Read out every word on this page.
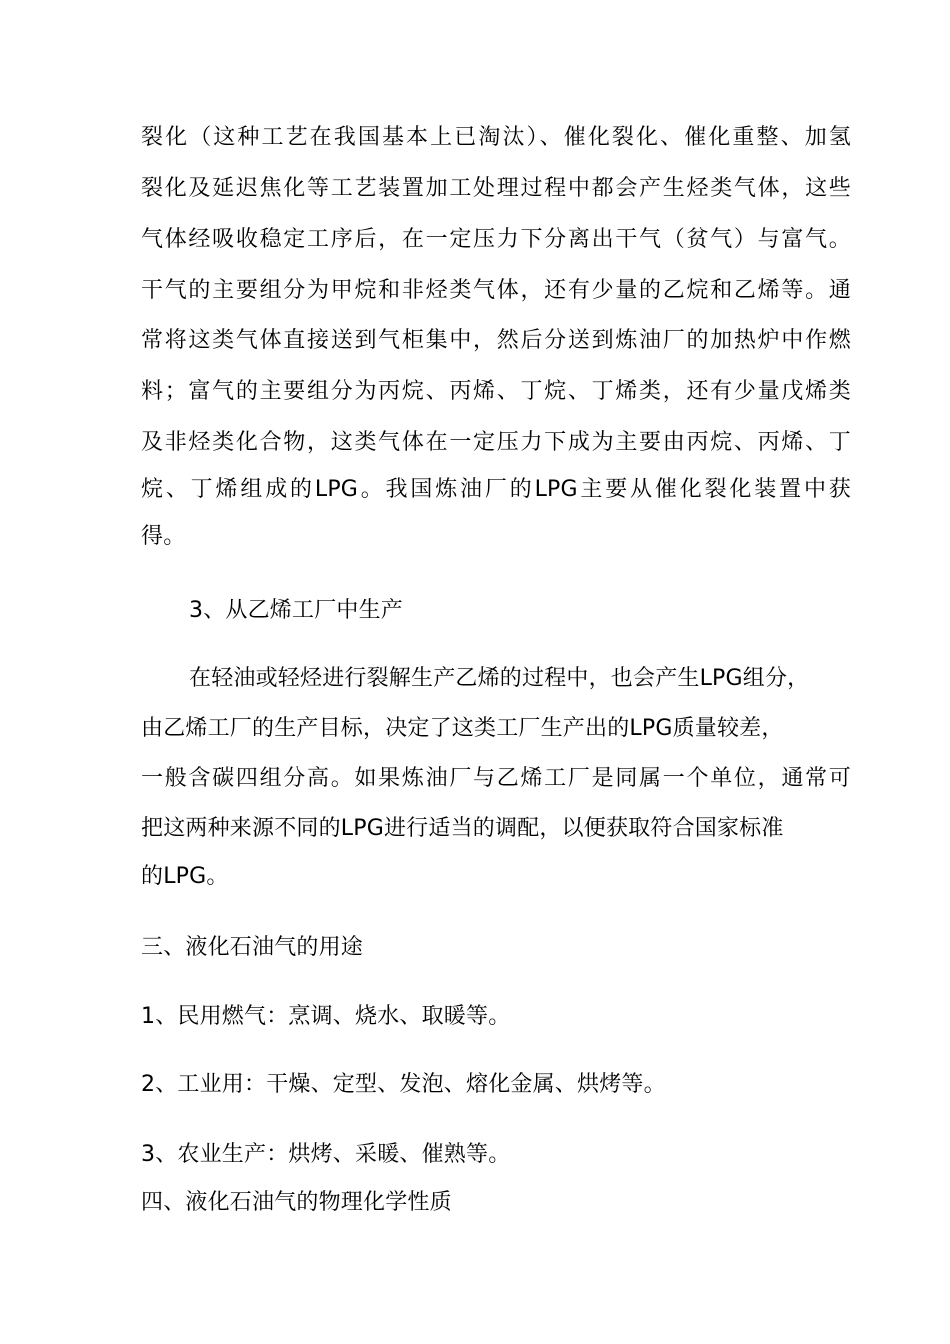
裂化（这种工艺在我国基本上已淘汰）、催化裂化、催化重整、加氢
裂化及延迟焦化等工艺装置加工处理过程中都会产生烃类气体，这些
气体经吸收稳定工序后，在一定压力下分离出干气（贫气）与富气。
干气的主要组分为甲烷和非烃类气体，还有少量的乙烷和乙烯等。通
常将这类气体直接送到气柜集中，然后分送到炼油厂的加热炉中作燃
料；富气的主要组分为丙烷、丙烯、丁烷、丁烯类，还有少量戊烯类
及非烃类化合物，这类气体在一定压力下成为主要由丙烷、丙烯、丁
烷、丁烯组成的LPG。我国炼油厂的LPG主要从催化裂化装置中获
得。
3、从乙烯工厂中生产
在轻油或轻烃进行裂解生产乙烯的过程中，也会产生LPG组分，
由乙烯工厂的生产目标，决定了这类工厂生产出的LPG质量较差，
一般含碳四组分高。如果炼油厂与乙烯工厂是同属一个单位，通常可
把这两种来源不同的LPG进行适当的调配，以便获取符合国家标准
的LPG。
三、液化石油气的用途
1、民用燃气：烹调、烧水、取暖等。
2、工业用：干燥、定型、发泡、熔化金属、烘烤等。
3、农业生产：烘烤、采暖、催熟等。
四、液化石油气的物理化学性质
